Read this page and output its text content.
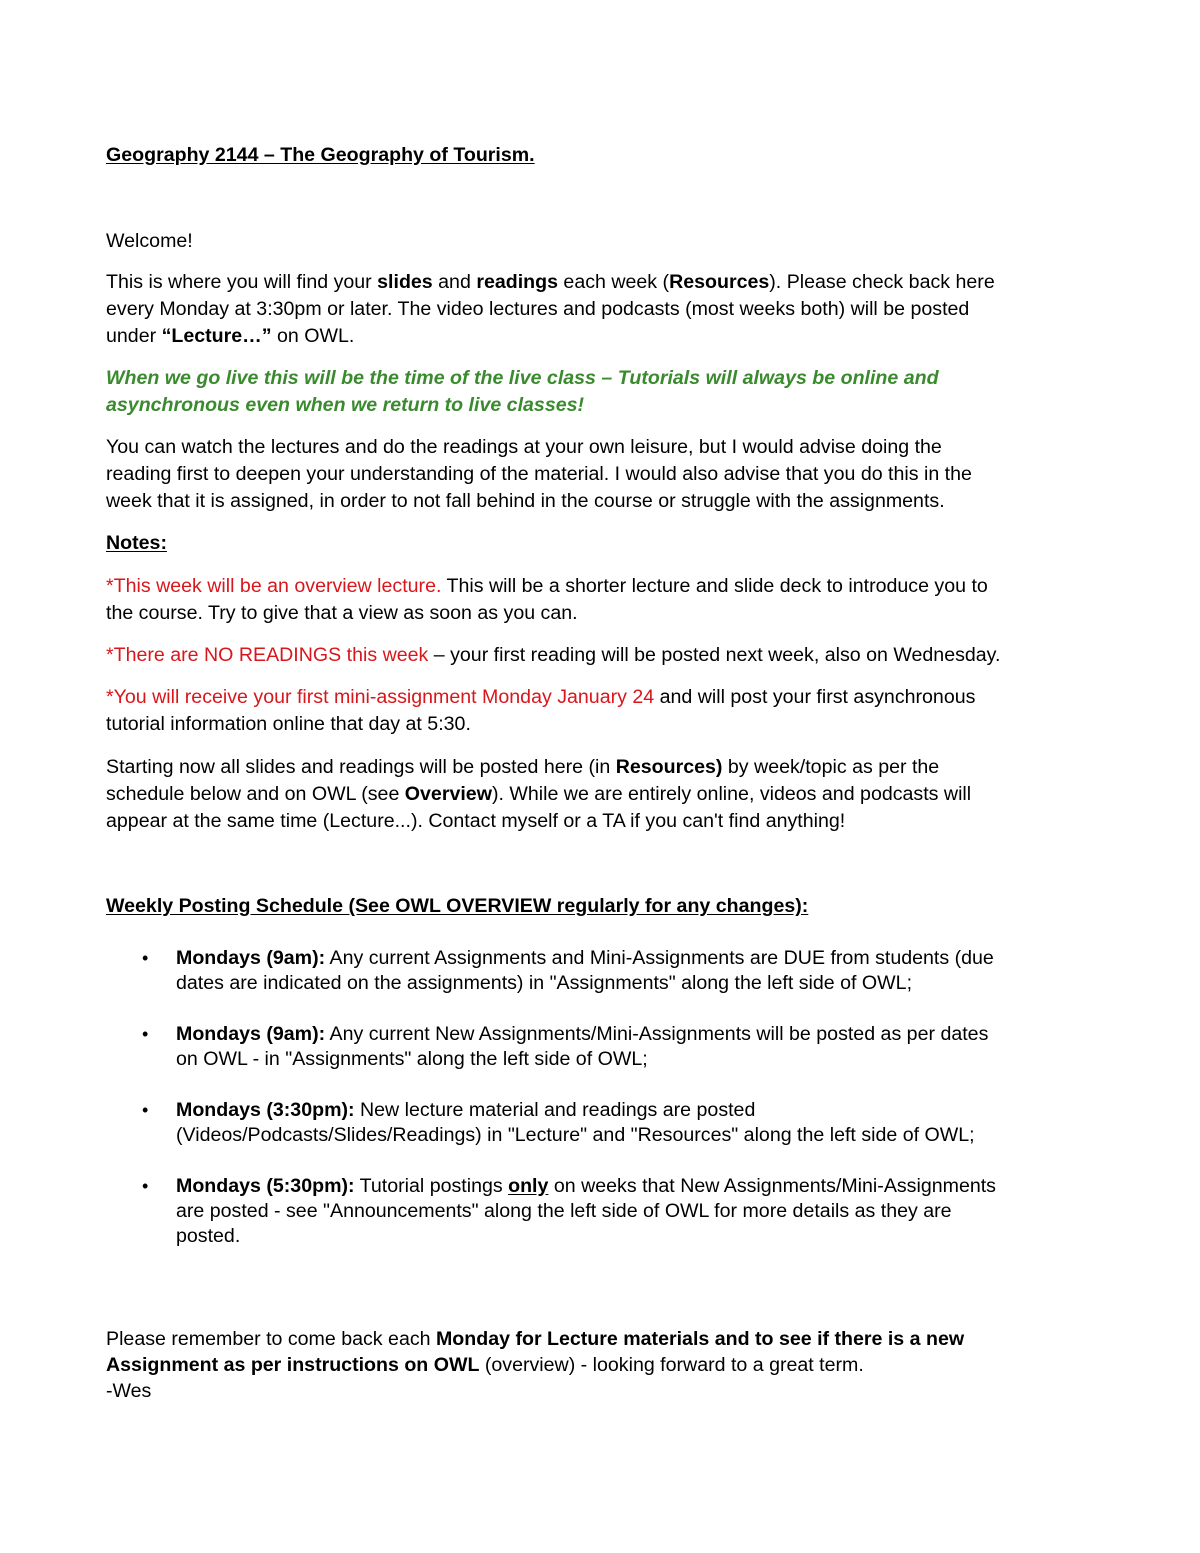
Geography 2144 – The Geography of Tourism.
Welcome!
This is where you will find your slides and readings each week (Resources). Please check back here
every Monday at 3:30pm or later. The video lectures and podcasts (most weeks both) will be posted
under “Lecture…” on OWL.
When we go live this will be the time of the live class – Tutorials will always be online and
asynchronous even when we return to live classes!
You can watch the lectures and do the readings at your own leisure, but I would advise doing the
reading first to deepen your understanding of the material. I would also advise that you do this in the
week that it is assigned, in order to not fall behind in the course or struggle with the assignments.
Notes:
*This week will be an overview lecture. This will be a shorter lecture and slide deck to introduce you to
the course. Try to give that a view as soon as you can.
*There are NO READINGS this week – your first reading will be posted next week, also on Wednesday.
*You will receive your first mini-assignment Monday January 24 and will post your first asynchronous
tutorial information online that day at 5:30.
Starting now all slides and readings will be posted here (in Resources) by week/topic as per the
schedule below and on OWL (see Overview). While we are entirely online, videos and podcasts will
appear at the same time (Lecture...). Contact myself or a TA if you can't find anything!
Weekly Posting Schedule (See OWL OVERVIEW regularly for any changes):
• Mondays (9am): Any current Assignments and Mini-Assignments are DUE from students (due
dates are indicated on the assignments) in "Assignments" along the left side of OWL;
• Mondays (9am): Any current New Assignments/Mini-Assignments will be posted as per dates
on OWL - in "Assignments" along the left side of OWL;
• Mondays (3:30pm): New lecture material and readings are posted
(Videos/Podcasts/Slides/Readings) in "Lecture" and "Resources" along the left side of OWL;
• Mondays (5:30pm): Tutorial postings only on weeks that New Assignments/Mini-Assignments
are posted - see "Announcements" along the left side of OWL for more details as they are
posted.
Please remember to come back each Monday for Lecture materials and to see if there is a new
Assignment as per instructions on OWL (overview) - looking forward to a great term.
-Wes
